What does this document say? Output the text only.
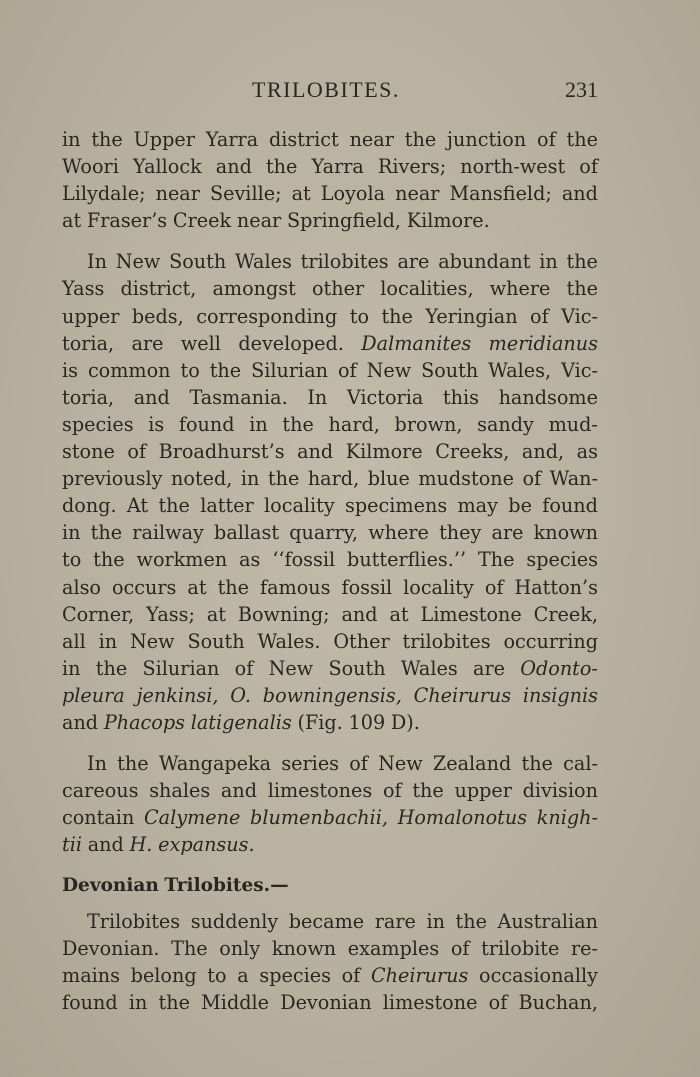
TRILOBITES.	231
in the Upper Yarra district near the junction of the
Woori Yallock and the Yarra Rivers; north-west of
Lilydale; near Seville; at Loyola near Mansfield; and
at Fraser’s Creek near Springfield, Kilmore.
In New South Wales trilobites are abundant in the
Yass district, amongst other localities, where the
upper beds, corresponding to the Yeringian of Vic-
toria, are well developed. Dalmanites meridianus
is common to the Silurian of New South Wales, Vic-
toria, and Tasmania. In Victoria this handsome
species is found in the hard, brown, sandy mud-
stone of Broadhurst’s and Kilmore Creeks, and, as
previously noted, in the hard, blue mudstone of Wan-
dong. At the latter locality specimens may be found
in the railway ballast quarry, where they are known
to the workmen as ‘‘fossil butterflies.’’ The species
also occurs at the famous fossil locality of Hatton’s
Corner, Yass; at Bowning; and at Limestone Creek,
all in New South Wales. Other trilobites occurring
in the Silurian of New South Wales are Odonto-
pleura jenkinsi, O. bowningensis, Cheirurus insignis
and Phacops latigenalis (Fig. 109 D).
In the Wangapeka series of New Zealand the cal-
careous shales and limestones of the upper division
contain Calymene blumenbachii, Homalonotus knigh-
tii and H. expansus.
Devonian Trilobites.—
Trilobites suddenly became rare in the Australian
Devonian. The only known examples of trilobite re-
mains belong to a species of Cheirurus occasionally
found in the Middle Devonian limestone of Buchan,
